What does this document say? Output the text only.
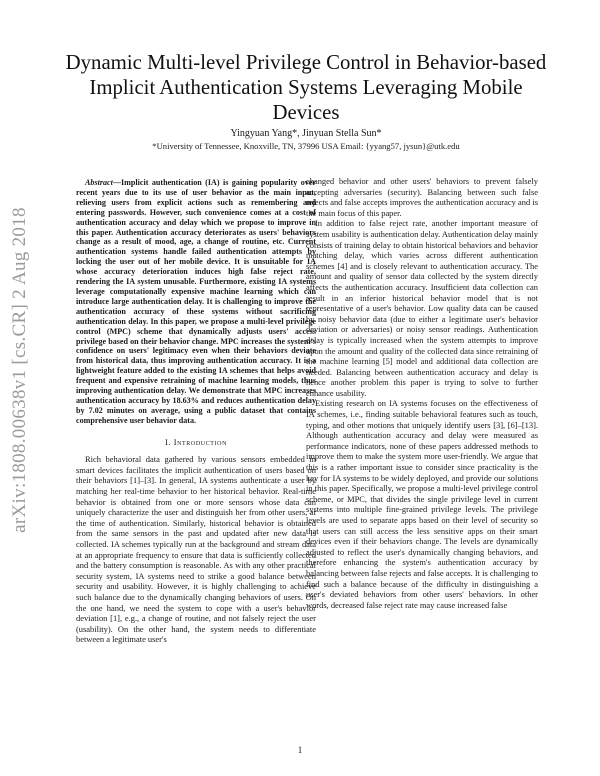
arXiv:1808.00638v1 [cs.CR] 2 Aug 2018
Dynamic Multi-level Privilege Control in Behavior-based Implicit Authentication Systems Leveraging Mobile Devices
Yingyuan Yang*, Jinyuan Stella Sun*
*University of Tennessee, Knoxville, TN, 37996 USA Email: {yyang57, jysun}@utk.edu

Abstract—Implicit authentication (IA) is gaining popularity over recent years due to its use of user behavior as the main input, relieving users from explicit actions such as remembering and entering passwords. However, such convenience comes at a cost of authentication accuracy and delay which we propose to improve in this paper. Authentication accuracy deteriorates as users' behaviors change as a result of mood, age, a change of routine, etc. Current authentication systems handle failed authentication attempts by locking the user out of her mobile device. It is unsuitable for IA whose accuracy deterioration induces high false reject rate, rendering the IA system unusable. Furthermore, existing IA systems leverage computationally expensive machine learning which can introduce large authentication delay. It is challenging to improve the authentication accuracy of these systems without sacrificing authentication delay. In this paper, we propose a multi-level privilege control (MPC) scheme that dynamically adjusts users' access privilege based on their behavior change. MPC increases the system's confidence on users' legitimacy even when their behaviors deviate from historical data, thus improving authentication accuracy. It is a lightweight feature added to the existing IA schemes that helps avoid frequent and expensive retraining of machine learning models, thus improving authentication delay. We demonstrate that MPC increases authentication accuracy by 18.63% and reduces authentication delay by 7.02 minutes on average, using a public dataset that contains comprehensive user behavior data.

I. Introduction

Rich behavioral data gathered by various sensors embedded in smart devices facilitates the implicit authentication of users based on their behaviors [1]–[3]. In general, IA systems authenticate a user by matching her real-time behavior to her historical behavior. Real-time behavior is obtained from one or more sensors whose data can uniquely characterize the user and distinguish her from other users, at the time of authentication. Similarly, historical behavior is obtained from the same sensors in the past and updated after new data is collected. IA schemes typically run at the background and stream data at an appropriate frequency to ensure that data is sufficiently collected and the battery consumption is reasonable. As with any other practical security system, IA systems need to strike a good balance between security and usability. However, it is highly challenging to achieve such balance due to the dynamically changing behaviors of users. On the one hand, we need the system to cope with a user's behavior deviation [1], e.g., a change of routine, and not falsely reject the user (usability). On the other hand, the system needs to differentiate between a legitimate user's

changed behavior and other users' behaviors to prevent falsely accepting adversaries (security). Balancing between such false rejects and false accepts improves the authentication accuracy and is the main focus of this paper.

In addition to false reject rate, another important measure of system usability is authentication delay. Authentication delay mainly consists of training delay to obtain historical behaviors and behavior matching delay, which varies across different authentication schemes [4] and is closely relevant to authentication accuracy. The amount and quality of sensor data collected by the system directly affects the authentication accuracy. Insufficient data collection can result in an inferior historical behavior model that is not representative of a user's behavior. Low quality data can be caused by noisy behavior data (due to either a legitimate user's behavior deviation or adversaries) or noisy sensor readings. Authentication delay is typically increased when the system attempts to improve upon the amount and quality of the collected data since retraining of the machine learning [5] model and additional data collection are needed. Balancing between authentication accuracy and delay is hence another problem this paper is trying to solve to further enhance usability.

Existing research on IA systems focuses on the effectiveness of IA schemes, i.e., finding suitable behavioral features such as touch, typing, and other motions that uniquely identify users [3], [6]–[13]. Although authentication accuracy and delay were measured as performance indicators, none of these papers addressed methods to improve them to make the system more user-friendly. We argue that this is a rather important issue to consider since practicality is the key for IA systems to be widely deployed, and provide our solutions in this paper. Specifically, we propose a multi-level privilege control scheme, or MPC, that divides the single privilege level in current systems into multiple fine-grained privilege levels. The privilege levels are used to separate apps based on their level of security so that users can still access the less sensitive apps on their smart devices even if their behaviors change. The levels are dynamically adjusted to reflect the user's dynamically changing behaviors, and therefore enhancing the system's authentication accuracy by balancing between false rejects and false accepts. It is challenging to find such a balance because of the difficulty in distinguishing a user's deviated behaviors from other users' behaviors. In other words, decreased false reject rate may cause increased false

1
